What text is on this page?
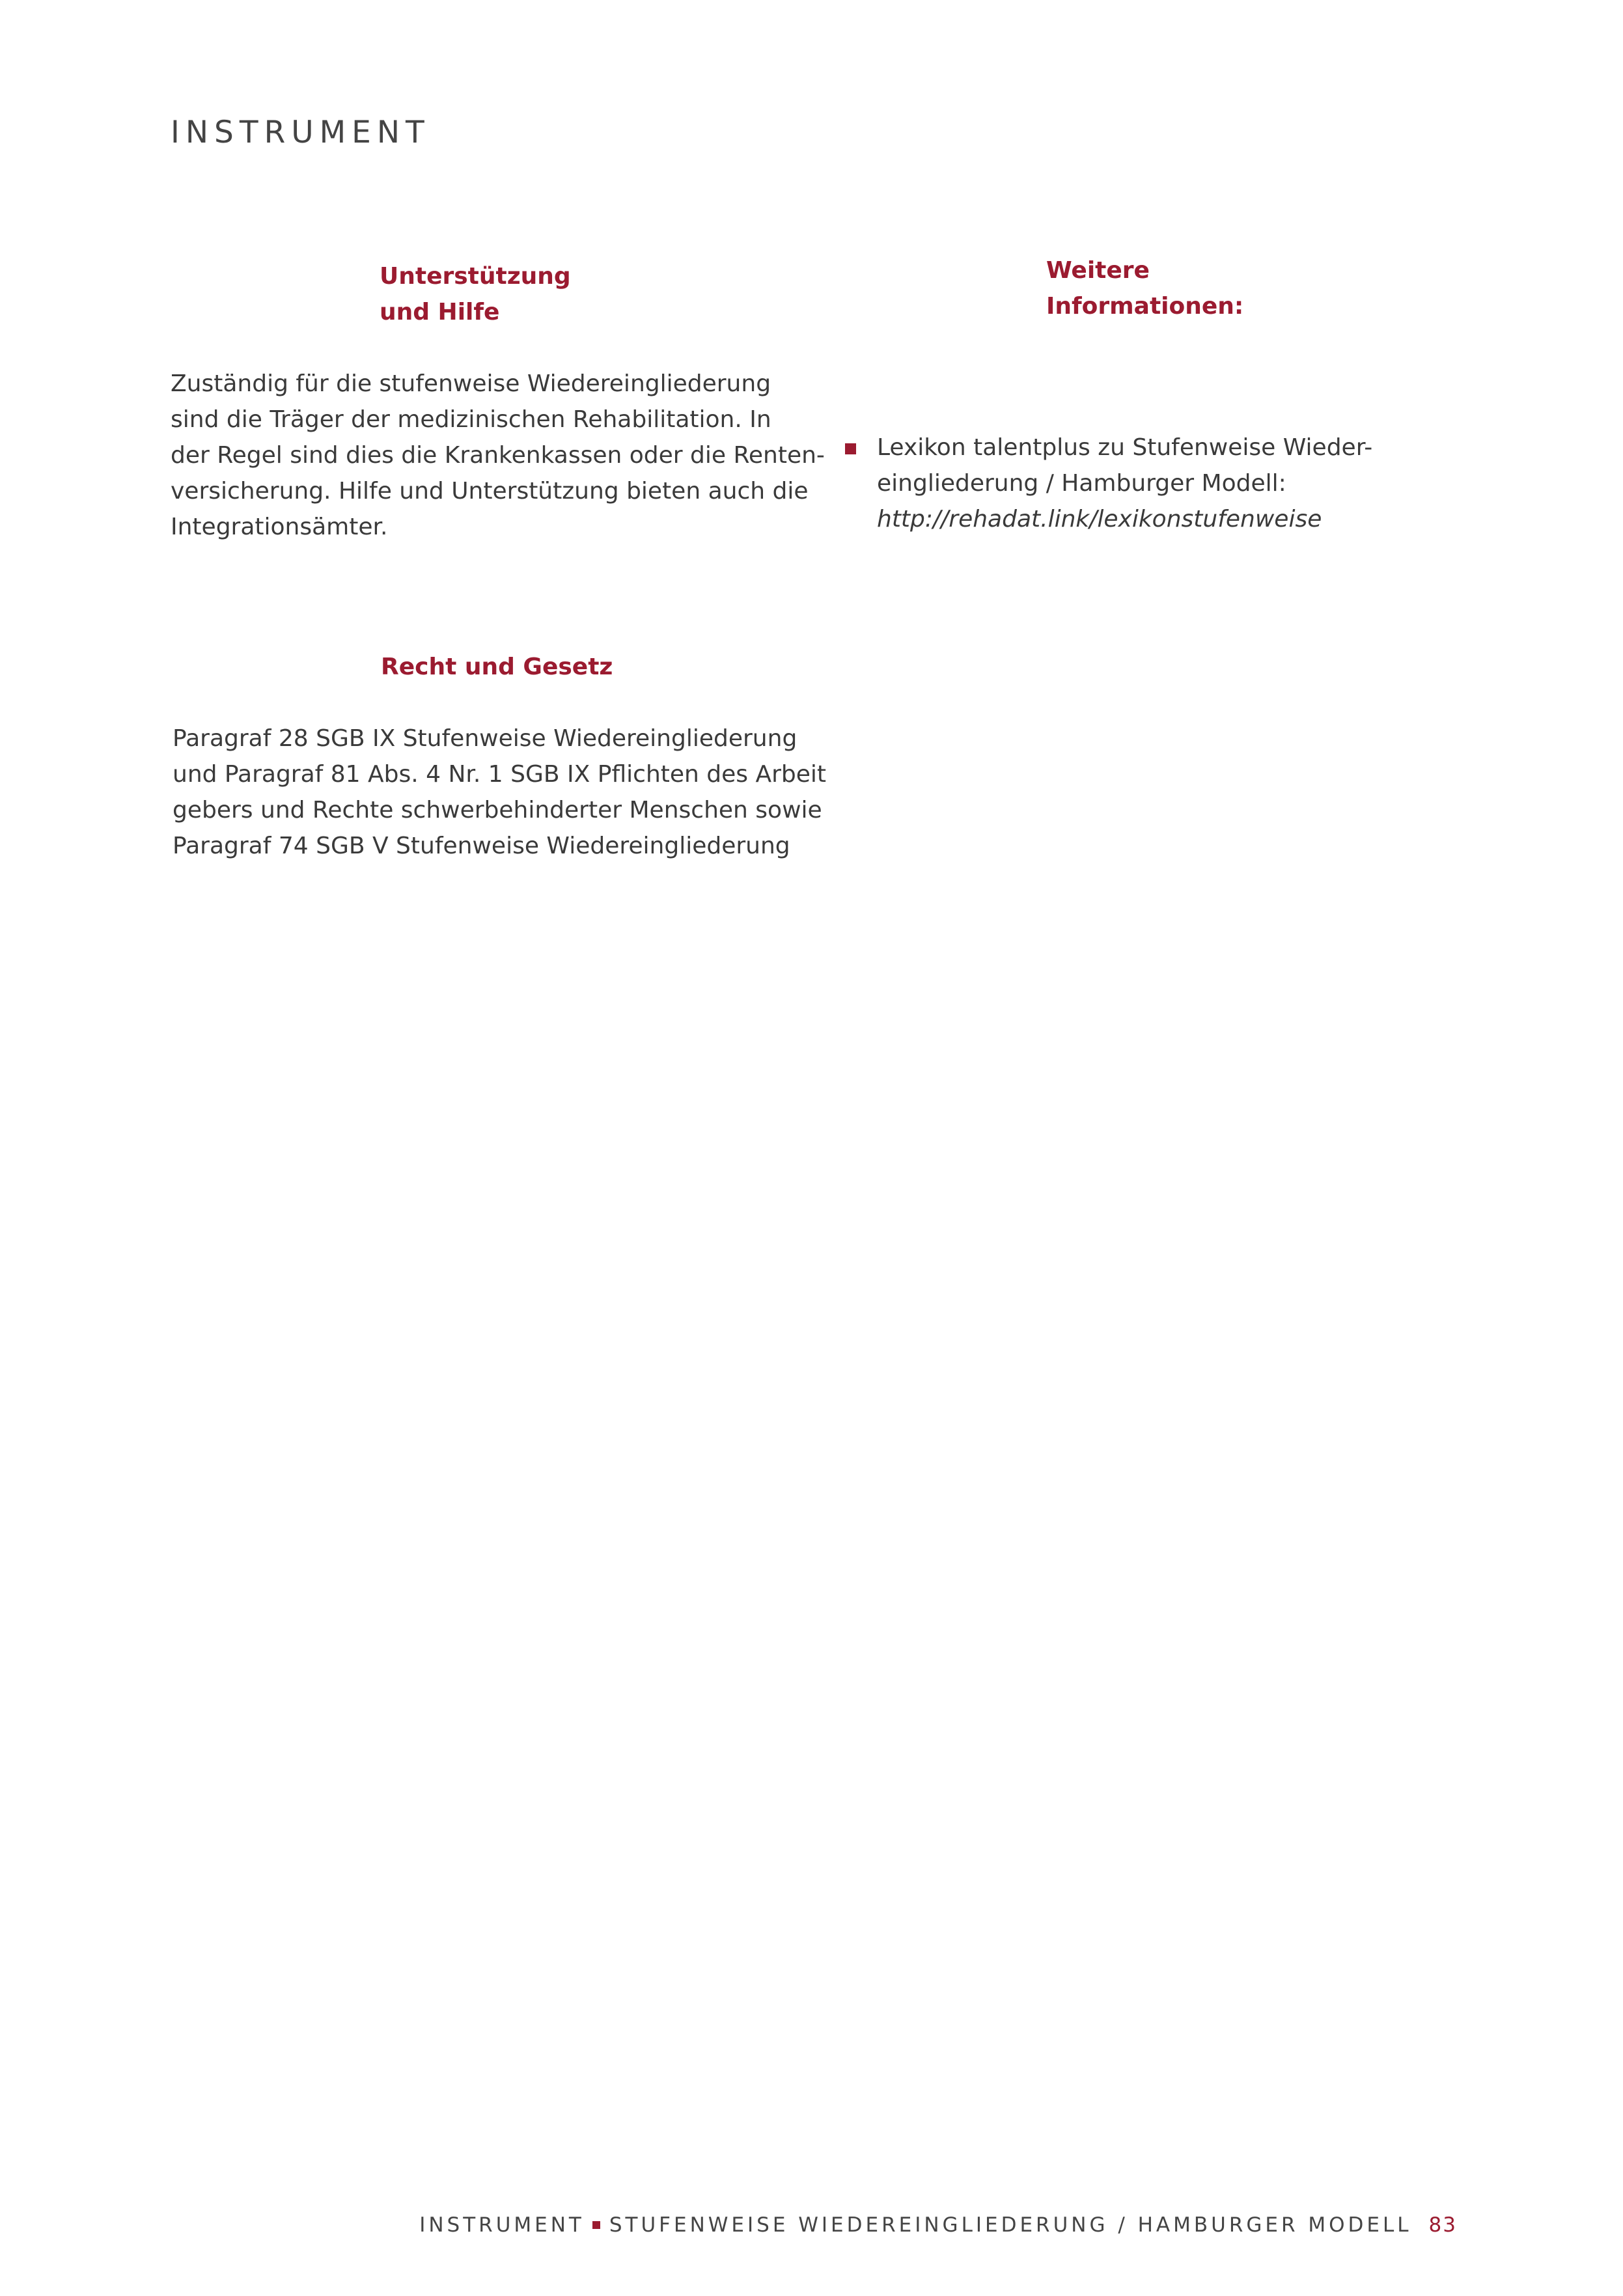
INSTRUMENT
Unterstützung
und Hilfe
Zuständig für die stufenweise Wiedereingliederung
sind die Träger der medizinischen Rehabilitation. In
der Regel sind dies die Krankenkassen oder die Renten-
versicherung. Hilfe und Unterstützung bieten auch die
Integrationsämter.
Recht und Gesetz
Paragraf 28 SGB IX Stufenweise Wiedereingliederung
und Paragraf 81 Abs. 4 Nr. 1 SGB IX Pflichten des Arbeit
gebers und Rechte schwerbehinderter Menschen sowie
Paragraf 74 SGB V Stufenweise Wiedereingliederung
Weitere
Informationen:
Lexikon talentplus zu Stufenweise Wieder-
eingliederung / Hamburger Modell:
http://rehadat.link/lexikonstufenweise
INSTRUMENT STUFENWEISE WIEDEREINGLIEDERUNG / HAMBURGER MODELL 83
